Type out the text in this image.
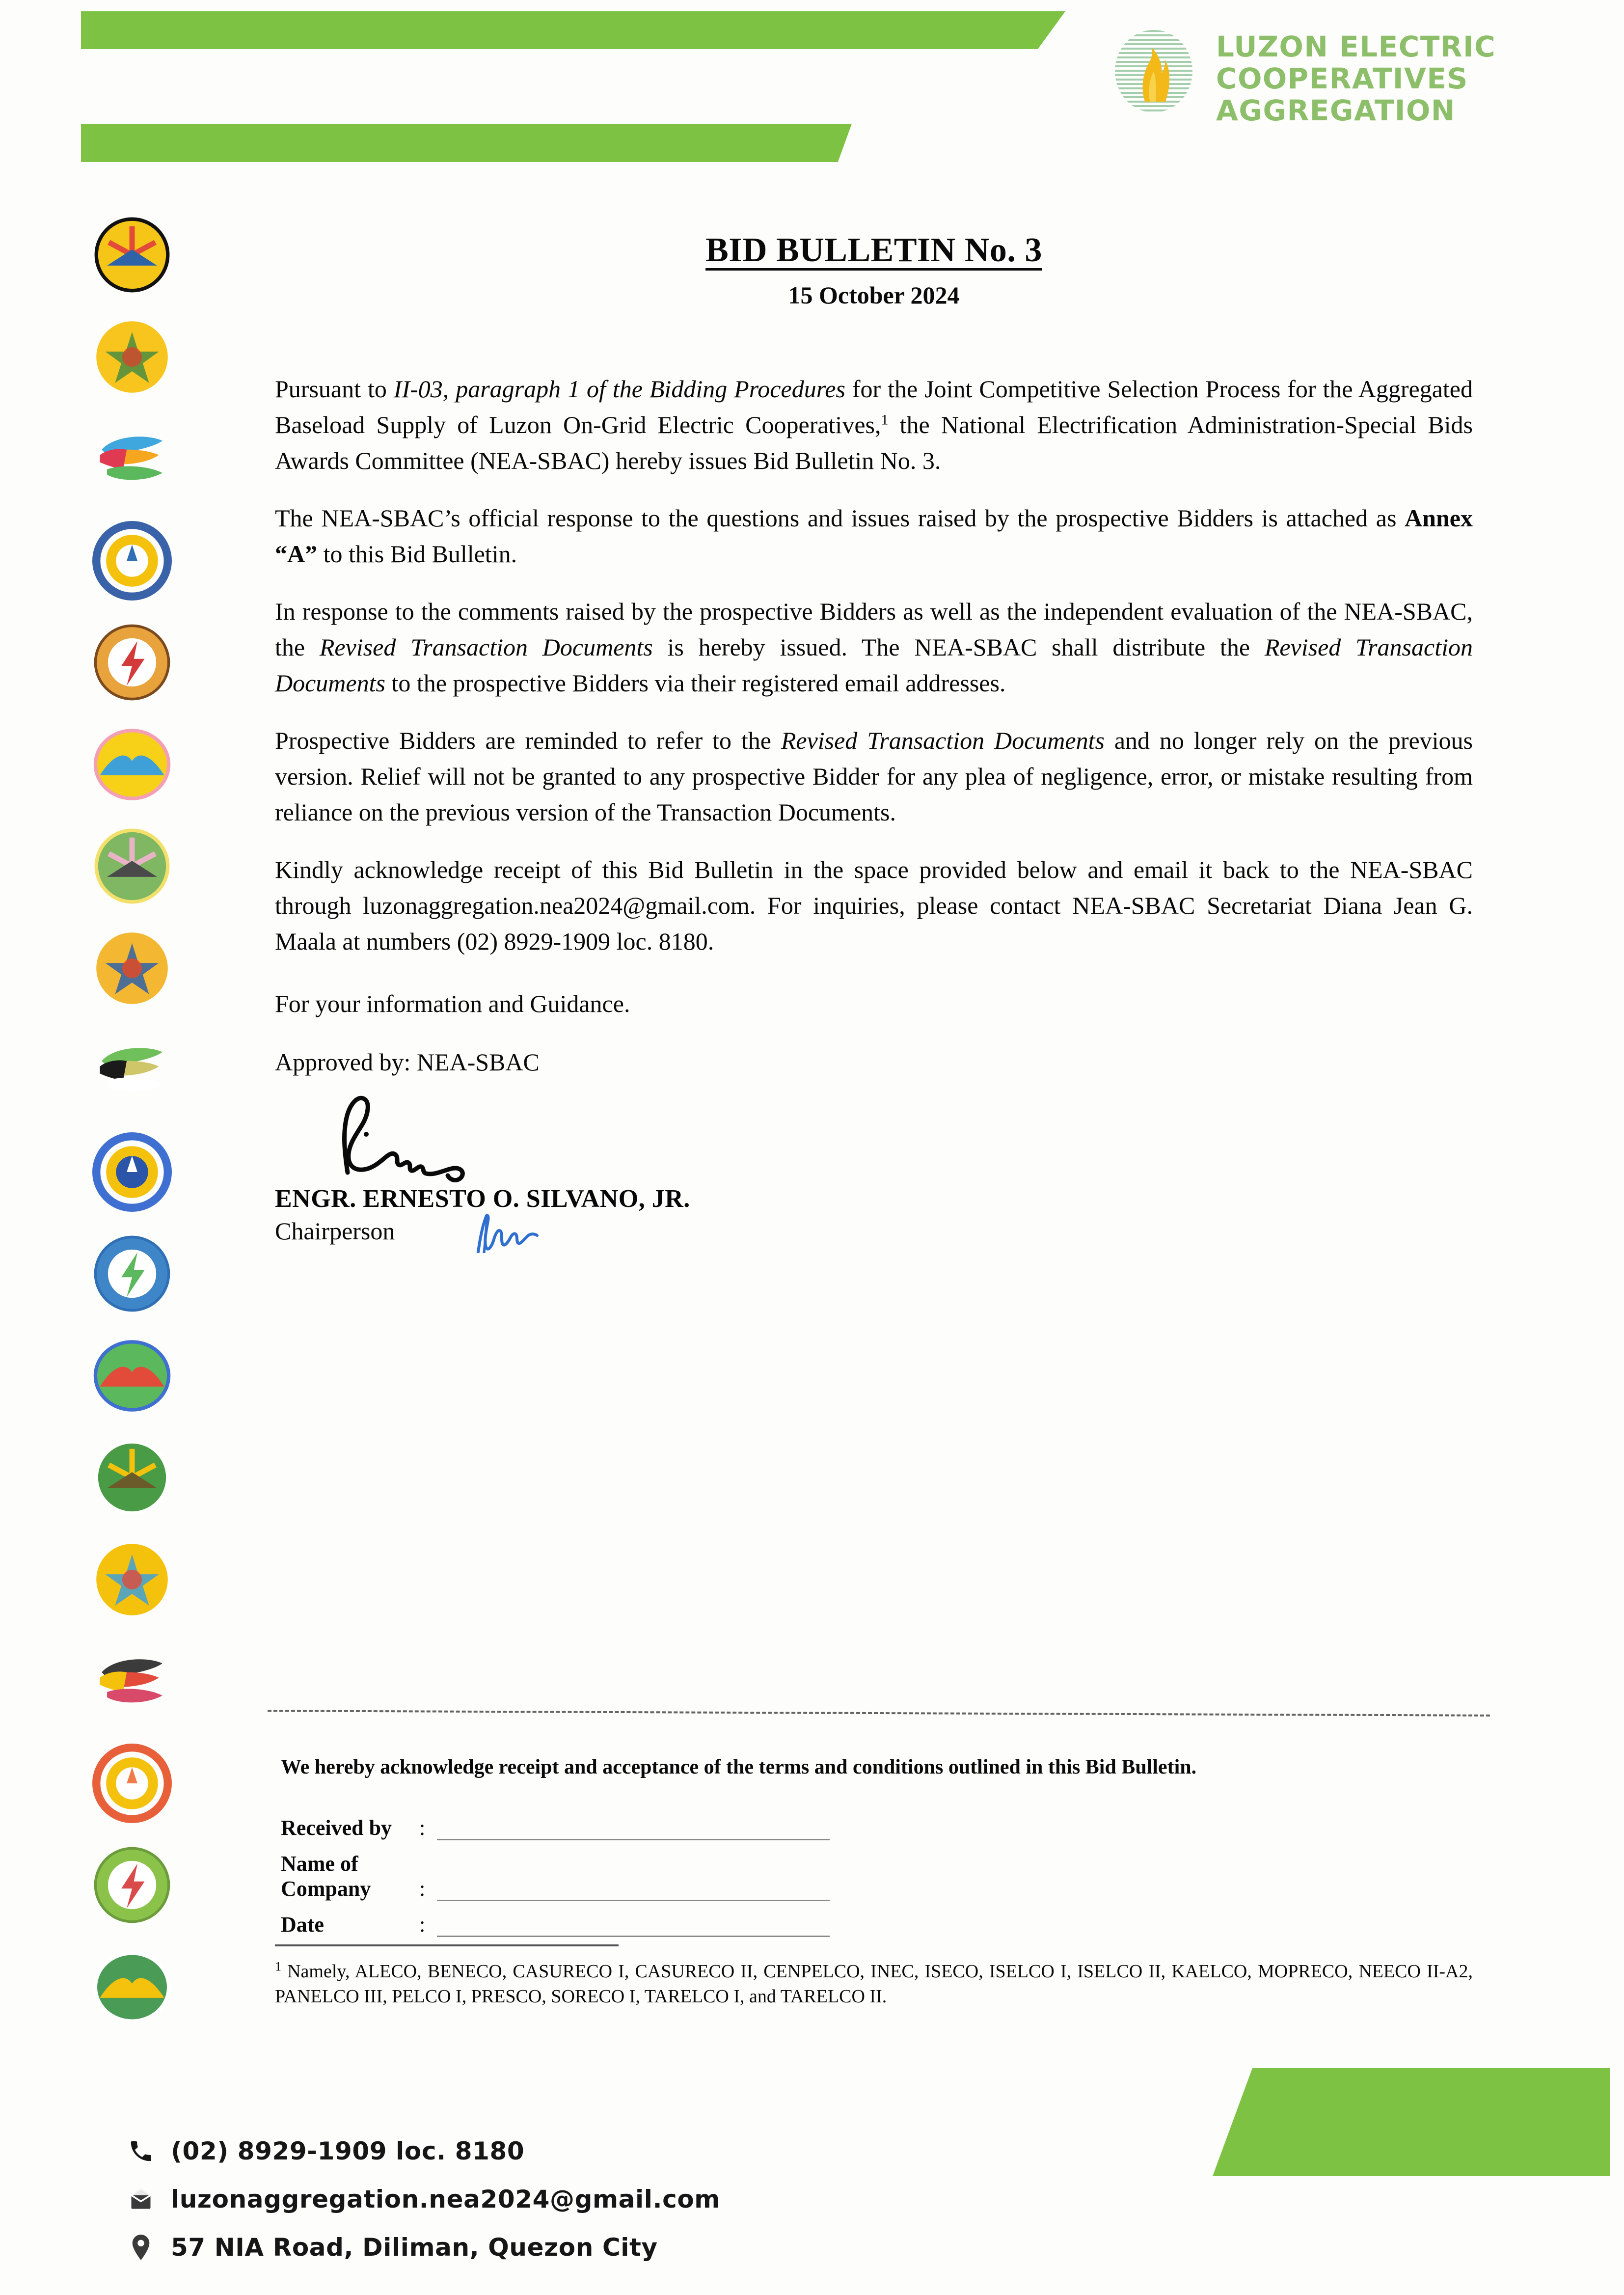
LUZON ELECTRIC
COOPERATIVES
AGGREGATION
BID BULLETIN No. 3
15 October 2024

Pursuant to II-03, paragraph 1 of the Bidding Procedures for the Joint Competitive Selection Process for the Aggregated Baseload Supply of Luzon On-Grid Electric Cooperatives,$^1$ the National Electrification Administration-Special Bids Awards Committee (NEA-SBAC) hereby issues Bid Bulletin No. 3.

The NEA-SBAC’s official response to the questions and issues raised by the prospective Bidders is attached as Annex “A” to this Bid Bulletin.

In response to the comments raised by the prospective Bidders as well as the independent evaluation of the NEA-SBAC, the Revised Transaction Documents is hereby issued. The NEA-SBAC shall distribute the Revised Transaction Documents to the prospective Bidders via their registered email addresses.

Prospective Bidders are reminded to refer to the Revised Transaction Documents and no longer rely on the previous version. Relief will not be granted to any prospective Bidder for any plea of negligence, error, or mistake resulting from reliance on the previous version of the Transaction Documents.

Kindly acknowledge receipt of this Bid Bulletin in the space provided below and email it back to the NEA-SBAC through luzonaggregation.nea2024@gmail.com. For inquiries, please contact NEA-SBAC Secretariat Diana Jean G. Maala at numbers (02) 8929-1909 loc. 8180.

For your information and Guidance.

Approved by: NEA-SBAC

ENGR. ERNESTO O. SILVANO, JR.
Chairperson

We hereby acknowledge receipt and acceptance of the terms and conditions outlined in this Bid Bulletin.

Received by	:
Name of Company	:
Date	:

$^1$ Namely, ALECO, BENECO, CASURECO I, CASURECO II, CENPELCO, INEC, ISECO, ISELCO I, ISELCO II, KAELCO, MOPRECO, NEECO II-A2, PANELCO III, PELCO I, PRESCO, SORECO I, TARELCO I, and TARELCO II.

(02) 8929-1909 loc. 8180
luzonaggregation.nea2024@gmail.com
57 NIA Road, Diliman, Quezon City
